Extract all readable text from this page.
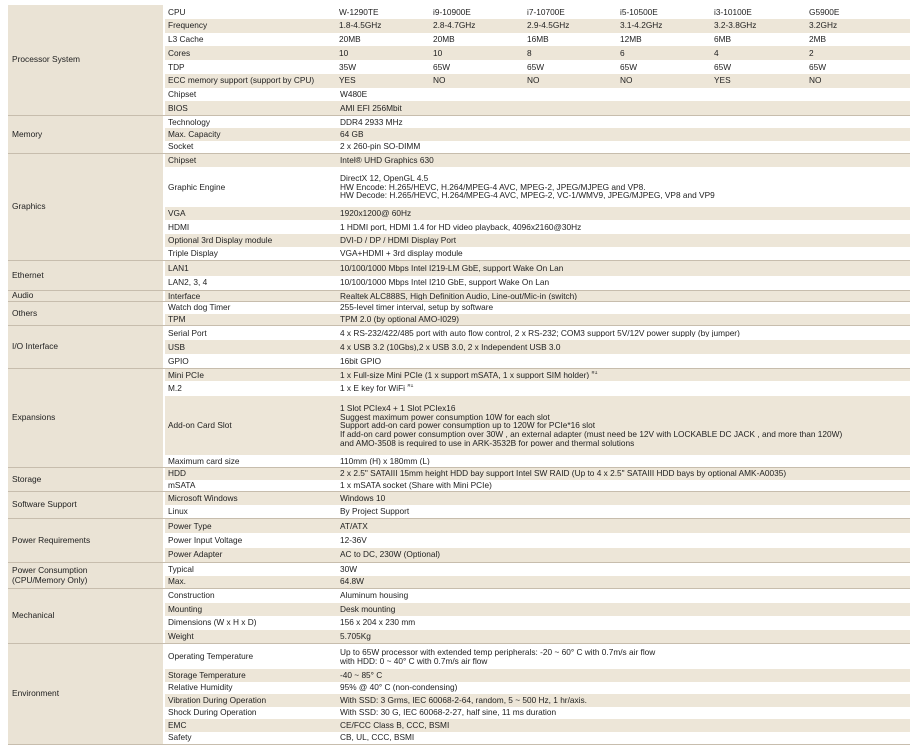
Processor System
CPU	W-1290TE	i9-10900E	i7-10700E	i5-10500E	i3-10100E	G5900E
Frequency	1.8-4.5GHz	2.8-4.7GHz	2.9-4.5GHz	3.1-4.2GHz	3.2-3.8GHz	3.2GHz
L3 Cache	20MB	20MB	16MB	12MB	6MB	2MB
Cores	10	10	8	6	4	2
TDP	35W	65W	65W	65W	65W	65W
ECC memory support (support by CPU)	YES	NO	NO	NO	YES	NO
Chipset	W480E
BIOS	AMI EFI 256Mbit
Memory
Technology	DDR4 2933 MHz
Max. Capacity	64 GB
Socket	2 x 260-pin SO-DIMM
Graphics
Chipset	Intel® UHD Graphics 630
Graphic Engine
DirectX 12, OpenGL 4.5
HW Encode: H.265/HEVC, H.264/MPEG-4 AVC, MPEG-2, JPEG/MJPEG and VP8.
HW Decode: H.265/HEVC, H.264/MPEG-4 AVC, MPEG-2, VC-1/WMV9, JPEG/MJPEG, VP8 and VP9
VGA	1920x1200@ 60Hz
HDMI	1 HDMI port, HDMI 1.4 for HD video playback, 4096x2160@30Hz
Optional 3rd Display module	DVI-D / DP / HDMI Display Port
Triple Display	VGA+HDMI + 3rd display module
Ethernet
LAN1	10/100/1000 Mbps Intel I219-LM GbE, support Wake On Lan
LAN2, 3, 4	10/100/1000 Mbps Intel I210 GbE, support Wake On Lan
Audio	Interface	Realtek ALC888S, High Definition Audio, Line-out/Mic-in (switch)
Others
Watch dog Timer	255-level timer interval, setup by software
TPM	TPM 2.0 (by optional AMO-I029)
I/O Interface
Serial Port	4 x RS-232/422/485 port with auto flow control, 2 x RS-232; COM3 support 5V/12V power supply (by jumper)
USB	4 x USB 3.2 (10Gbs),2 x USB 3.0, 2 x Independent USB 3.0
GPIO	16bit GPIO
Expansions
Mini PCIe	1 x Full-size Mini PCIe (1 x support mSATA, 1 x support SIM holder) $^{\#1}$
M.2	1 x E key for WiFi $^{\#1}$
Add-on Card Slot
1 Slot PCIex4 + 1 Slot PCIex16
Suggest maximum power consumption 10W for each slot
Support add-on card power consumption up to 120W for PCIe*16 slot
If add-on card power consumption over 30W , an external adapter (must need be 12V with LOCKABLE DC JACK , and more than 120W)
and AMO-3508 is required to use in ARK-3532B for power and thermal solutions
Maximum card size	110mm (H) x 180mm (L)
Storage
HDD	2 x 2.5" SATAIII 15mm height HDD bay support Intel SW RAID (Up to 4 x 2.5" SATAIII HDD bays by optional AMK-A0035)
mSATA	1 x mSATA socket (Share with Mini PCIe)
Software Support
Microsoft Windows	Windows 10
Linux	By Project Support
Power Requirements
Power Type	AT/ATX
Power Input Voltage	12-36V
Power Adapter	AC to DC, 230W (Optional)
Power Consumption
(CPU/Memory Only)
Typical	30W
Max.	64.8W
Mechanical
Construction	Aluminum housing
Mounting	Desk mounting
Dimensions (W x H x D)	156 x 204 x 230 mm
Weight	5.705Kg
Environment
Operating Temperature	Up to 65W processor with extended temp peripherals: -20 ~ 60° C with 0.7m/s air flow
with HDD: 0 ~ 40° C with 0.7m/s air flow
Storage Temperature	-40 ~ 85° C
Relative Humidity	95% @ 40° C (non-condensing)
Vibration During Operation	With SSD: 3 Grms, IEC 60068-2-64, random, 5 ~ 500 Hz, 1 hr/axis.
Shock During Operation	With SSD: 30 G, IEC 60068-2-27, half sine, 11 ms duration
EMC	CE/FCC Class B, CCC, BSMI
Safety	CB, UL, CCC, BSMI
